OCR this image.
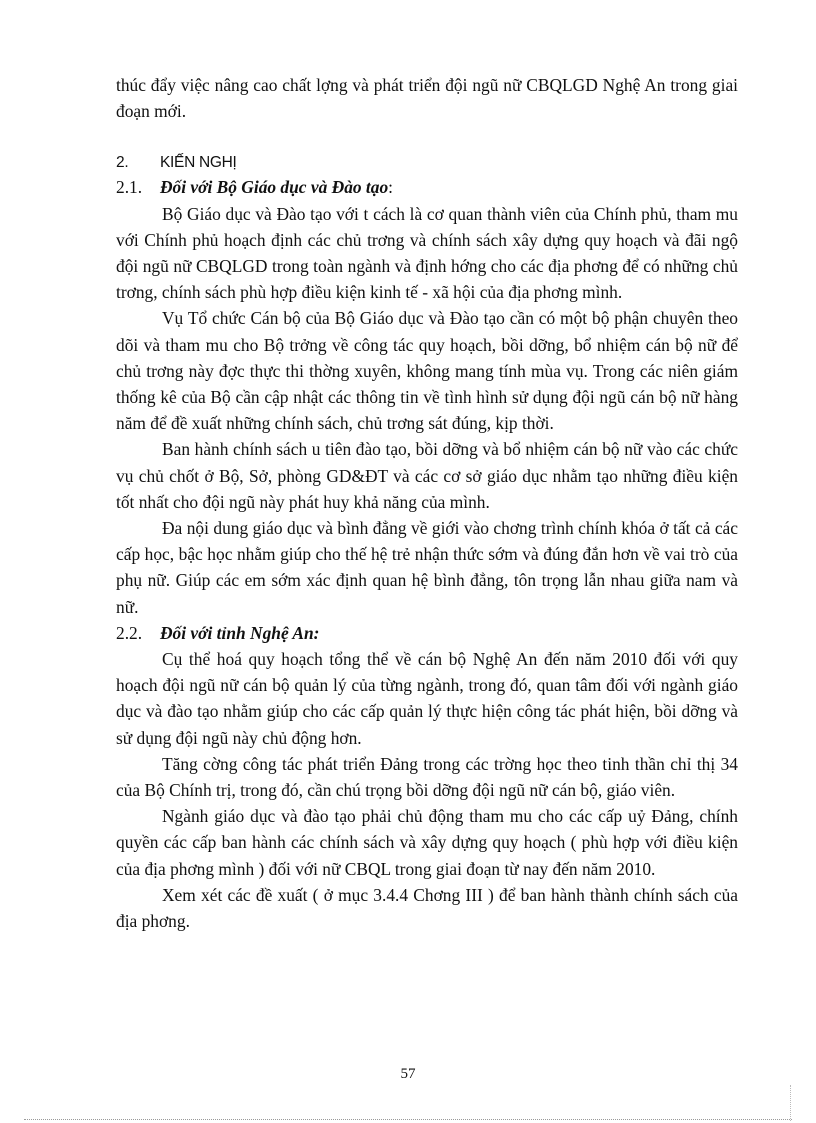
thúc đẩy việc nâng cao chất lợng và phát triển đội ngũ nữ CBQLGD Nghệ An trong giai đoạn mới.

2. KIẾN NGHỊ

2.1. Đối với Bộ Giáo dục và Đào tạo:

Bộ Giáo dục và Đào tạo với t cách là cơ quan thành viên của Chính phủ, tham mu với Chính phủ hoạch định các chủ trơng và chính sách xây dựng quy hoạch và đãi ngộ đội ngũ nữ CBQLGD trong toàn ngành và định hớng cho các địa phơng để có những chủ trơng, chính sách phù hợp điều kiện kinh tế - xã hội của địa phơng mình.

Vụ Tổ chức Cán bộ của Bộ Giáo dục và Đào tạo cần có một bộ phận chuyên theo dõi và tham mu cho Bộ trởng về công tác quy hoạch, bồi dỡng, bổ nhiệm cán bộ nữ để chủ trơng này đợc thực thi thờng xuyên, không mang tính mùa vụ. Trong các niên giám thống kê của Bộ cần cập nhật các thông tin về tình hình sử dụng đội ngũ cán bộ nữ hàng năm để đề xuất những chính sách, chủ trơng sát đúng, kịp thời.

Ban hành chính sách u tiên đào tạo, bồi dỡng và bổ nhiệm cán bộ nữ vào các chức vụ chủ chốt ở Bộ, Sở, phòng GD&ĐT và các cơ sở giáo dục nhằm tạo những điều kiện tốt nhất cho đội ngũ này phát huy khả năng của mình.

Đa nội dung giáo dục và bình đẳng về giới vào chơng trình chính khóa ở tất cả các cấp học, bậc học nhằm giúp cho thế hệ trẻ nhận thức sớm và đúng đắn hơn về vai trò của phụ nữ. Giúp các em sớm xác định quan hệ bình đẳng, tôn trọng lẫn nhau giữa nam và nữ.

2.2. Đối với tỉnh Nghệ An:

Cụ thể hoá quy hoạch tổng thể về cán bộ Nghệ An đến năm 2010 đối với quy hoạch đội ngũ nữ cán bộ quản lý của từng ngành, trong đó, quan tâm đối với ngành giáo dục và đào tạo nhằm giúp cho các cấp quản lý thực hiện công tác phát hiện, bồi dỡng và sử dụng đội ngũ này chủ động hơn.

Tăng cờng công tác phát triển Đảng trong các trờng học theo tinh thần chỉ thị 34 của Bộ Chính trị, trong đó, cần chú trọng bồi dỡng đội ngũ nữ cán bộ, giáo viên.

Ngành giáo dục và đào tạo phải chủ động tham mu cho các cấp uỷ Đảng, chính quyền các cấp ban hành các chính sách và xây dựng quy hoạch ( phù hợp với điều kiện của địa phơng mình ) đối với nữ CBQL trong giai đoạn từ nay đến năm 2010.

Xem xét các đề xuất ( ở mục 3.4.4 Chơng III ) để ban hành thành chính sách của địa phơng.

57
